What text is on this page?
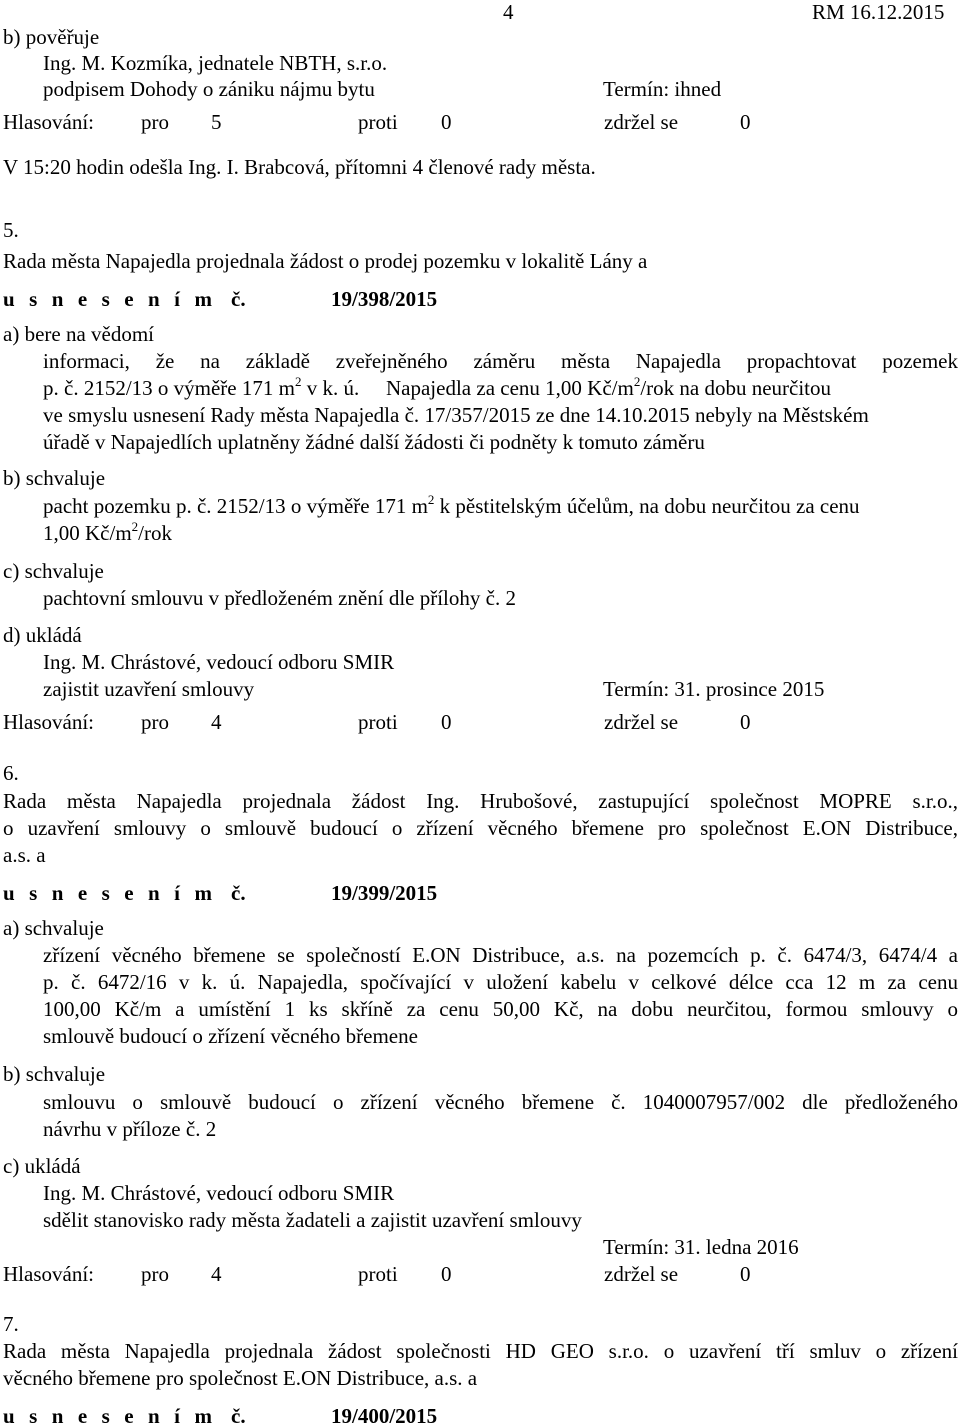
4	RM 16.12.2015
b) pověřuje
Ing. M. Kozmíka, jednatele NBTH, s.r.o.
podpisem Dohody o zániku nájmu bytu	Termín: ihned
Hlasování: pro 5	proti 0	zdržel se	0
V 15:20 hodin odešla Ing. I. Brabcová, přítomni 4 členové rady města.
5.
Rada města Napajedla projednala žádost o prodej pozemku v lokalitě Lány a
u s n e s e n í m č.	19/398/2015
a) bere na vědomí
informaci, že na základě zveřejněného záměru města Napajedla propachtovat pozemek
p. č. 2152/13 o výměře 171 $m^2$ v k. ú. Napajedla za cenu 1,00 $Kč/m^2$/rok na dobu neurčitou
ve smyslu usnesení Rady města Napajedla č. 17/357/2015 ze dne 14.10.2015 nebyly na Městském
úřadě v Napajedlích uplatněny žádné další žádosti či podněty k tomuto záměru
b) schvaluje
pacht pozemku p. č. 2152/13 o výměře 171 $m^2$ k pěstitelským účelům, na dobu neurčitou za cenu
1,00 $Kč/m^2$/rok
c) schvaluje
pachtovní smlouvu v předloženém znění dle přílohy č. 2
d) ukládá
Ing. M. Chrástové, vedoucí odboru SMIR
zajistit uzavření smlouvy	Termín: 31. prosince 2015
Hlasování: pro 4	proti 0	zdržel se	0
6.
Rada města Napajedla projednala žádost Ing. Hrubošové, zastupující společnost MOPRE s.r.o.,
o uzavření smlouvy o smlouvě budoucí o zřízení věcného břemene pro společnost E.ON Distribuce,
a.s. a
u s n e s e n í m č.	19/399/2015
a) schvaluje
zřízení věcného břemene se společností E.ON Distribuce, a.s. na pozemcích p. č. 6474/3, 6474/4 a
p. č. 6472/16 v k. ú. Napajedla, spočívající v uložení kabelu v celkové délce cca 12 m za cenu
100,00 Kč/m a umístění 1 ks skříně za cenu 50,00 Kč, na dobu neurčitou, formou smlouvy o
smlouvě budoucí o zřízení věcného břemene
b) schvaluje
smlouvu o smlouvě budoucí o zřízení věcného břemene č. 1040007957/002 dle předloženého
návrhu v příloze č. 2
c) ukládá
Ing. M. Chrástové, vedoucí odboru SMIR
sdělit stanovisko rady města žadateli a zajistit uzavření smlouvy
Termín: 31. ledna 2016
Hlasování: pro 4	proti 0	zdržel se	0
7.
Rada města Napajedla projednala žádost společnosti HD GEO s.r.o. o uzavření tří smluv o zřízení
věcného břemene pro společnost E.ON Distribuce, a.s. a
u s n e s e n í m č.	19/400/2015
